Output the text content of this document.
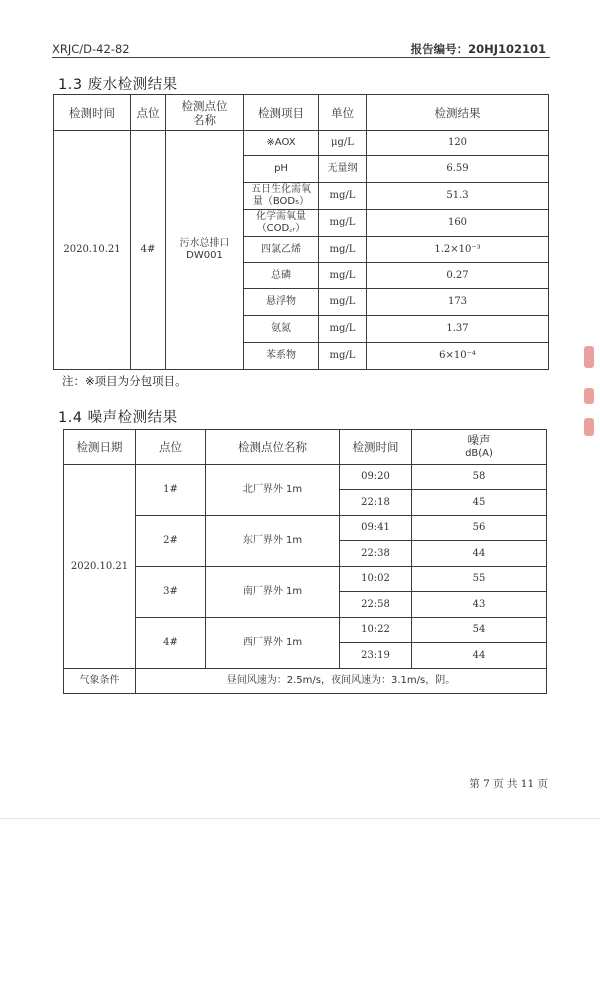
XRJC/D-42-82	报告编号：20HJ102101
1.3 废水检测结果
检测时间	点位	检测点位名称	检测项目	单位	检测结果
2020.10.21	4#	污水总排口DW001	※AOX	μg/L	120
			pH	无量纲	6.59
			五日生化需氧量（BOD₅）	mg/L	51.3
			化学需氧量（COD꜀ᵣ）	mg/L	160
			四氯乙烯	mg/L	1.2×10⁻³
			总磷	mg/L	0.27
			悬浮物	mg/L	173
			氨氮	mg/L	1.37
			苯系物	mg/L	6×10⁻⁴
注：※项目为分包项目。
1.4 噪声检测结果
检测日期	点位	检测点位名称	检测时间	噪声
dB(A)

2020.10.21	1#	北厂界外 1m	09:20	58
			22:18	45
	2#	东厂界外 1m	09:41	56
			22:38	44
	3#	南厂界外 1m	10:02	55
			22:58	43
	4#	西厂界外 1m	10:22	54
			23:19	44
气象条件	昼间风速为：2.5m/s，夜间风速为：3.1m/s，阴。			
第 7 页 共 11 页
